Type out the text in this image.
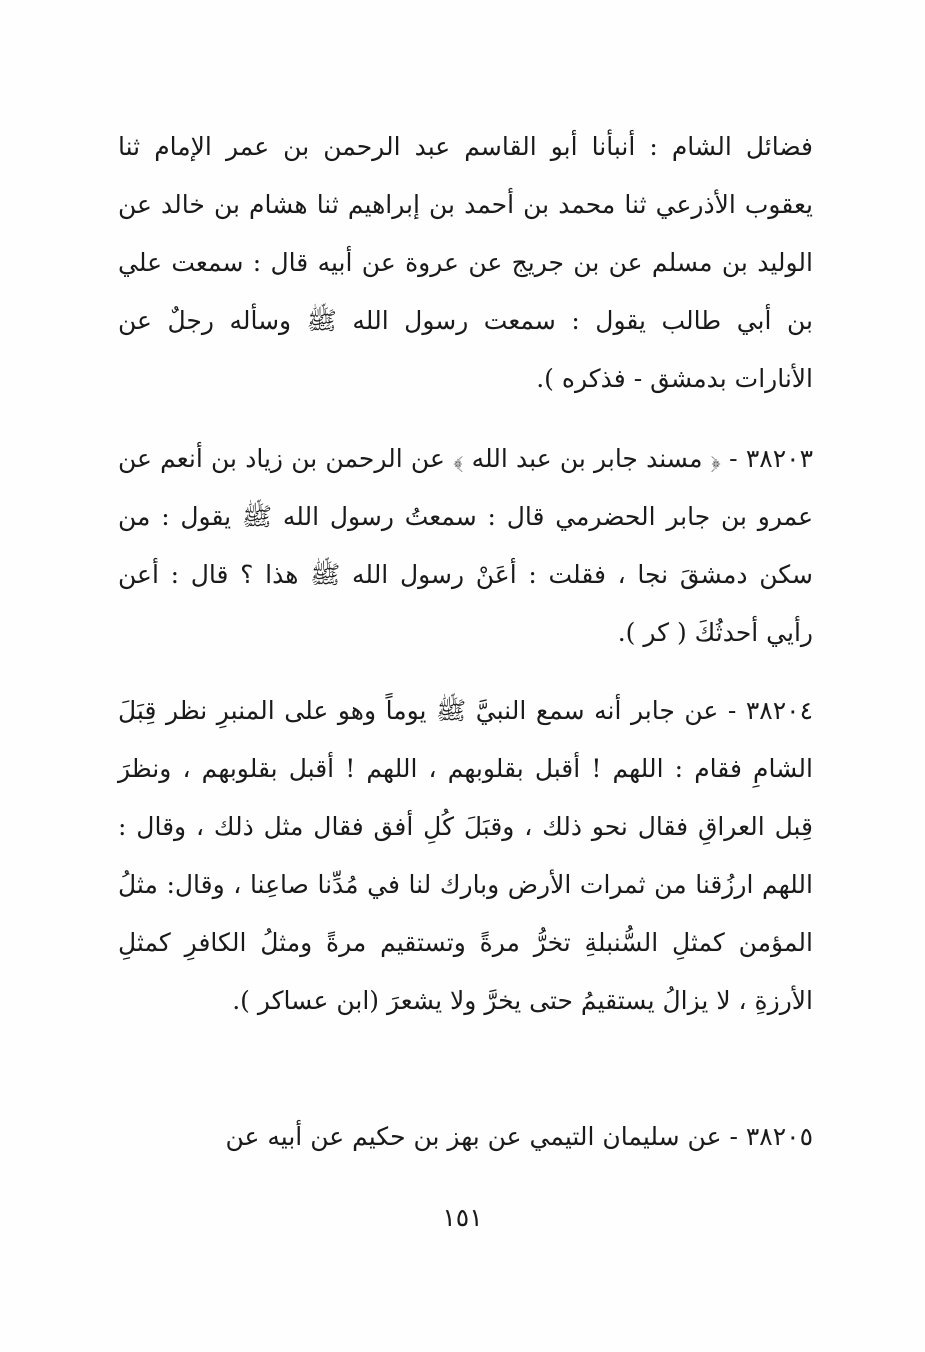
فضائل الشام : أنبأنا أبو القاسم عبد الرحمن بن عمر الإمام ثنا يعقوب الأذرعي ثنا محمد بن أحمد بن إبراهيم ثنا هشام بن خالد عن الوليد بن مسلم عن بن جريج عن عروة عن أبيه قال : سمعت علي بن أبي طالب يقول : سمعت رسول الله ﷺ وسأله رجلٌ عن الأنارات بدمشق - فذكره ).

٣٨٢٠٣ - ﴿ مسند جابر بن عبد الله ﴾ عن الرحمن بن زياد بن أنعم عن عمرو بن جابر الحضرمي قال : سمعتُ رسول الله ﷺ يقول : من سكن دمشقَ نجا ، فقلت : أعَنْ رسول الله ﷺ هذا ؟ قال : أعن رأيي أحدثُكَ ( كر ).

٣٨٢٠٤ - عن جابر أنه سمع النبيَّ ﷺ يوماً وهو على المنبرِ نظر قِبَلَ الشامِ فقام : اللهم ! أقبل بقلوبهم ، اللهم ! أقبل بقلوبهم ، ونظرَ قِبل العراقِ فقال نحو ذلك ، وقبَلَ كُلِ أفق فقال مثل ذلك ، وقال : اللهم ارزُقنا من ثمرات الأرض وبارك لنا في مُدِّنا صاعِنا ، وقال: مثلُ المؤمن كمثلِ السُّنبلةِ تخرُّ مرةً وتستقيم مرةً ومثلُ الكافرِ كمثلِ الأرزةِ ، لا يزالُ يستقيمُ حتى يخرَّ ولا يشعرَ (ابن عساكر ).

٣٨٢٠٥ - عن سليمان التيمي عن بهز بن حكيم عن أبيه عن

١٥١
